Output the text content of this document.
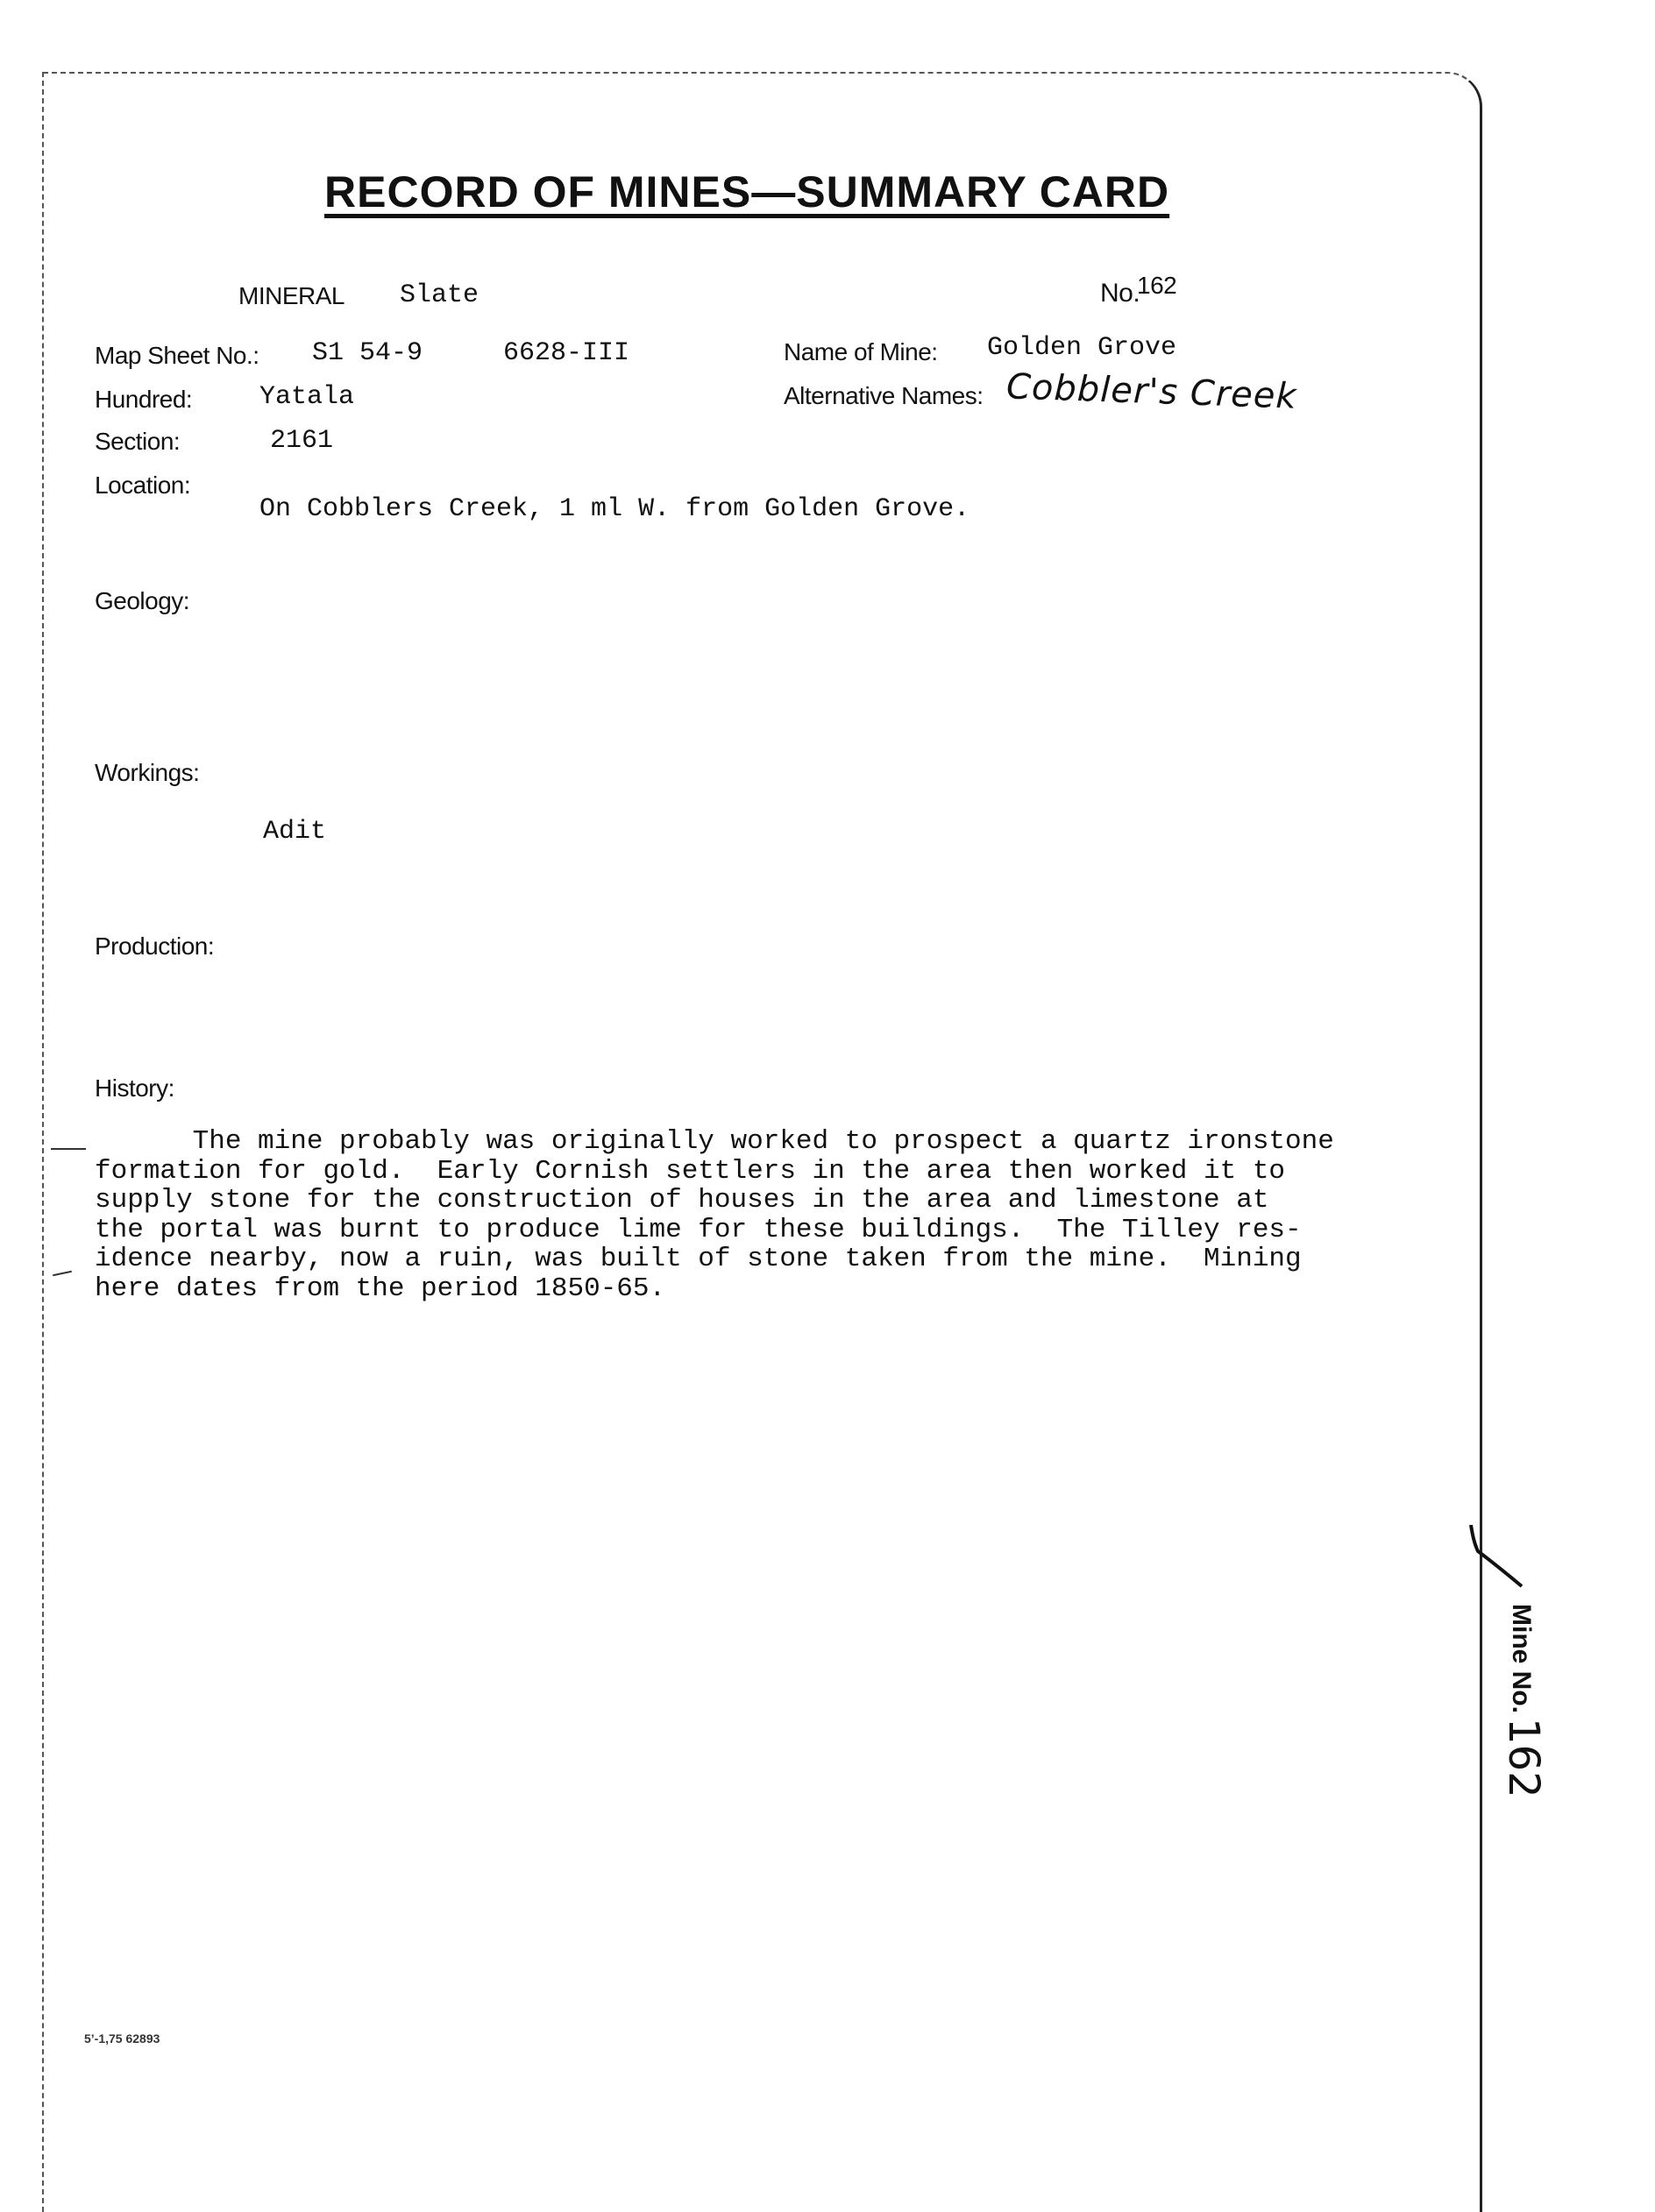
RECORD OF MINES—SUMMARY CARD
MINERAL Slate	No.
162
Map Sheet No.: S1 54-9	6628-III	Name of Mine: Golden Grove
Hundred:	Yatala	Alternative Names: Cobbler's Creek
Section:	2161
Location:
On Cobblers Creek, 1 ml W. from Golden Grove.
Geology:
Workings:
Adit
Production:
History:
The mine probably was originally worked to prospect a quartz ironstone
formation for gold.  Early Cornish settlers in the area then worked it to
supply stone for the construction of houses in the area and limestone at
the portal was burnt to produce lime for these buildings.  The Tilley res-
idence nearby, now a ruin, was built of stone taken from the mine.  Mining
here dates from the period 1850-65.
Mine No.
162
5’-1,75 62893
